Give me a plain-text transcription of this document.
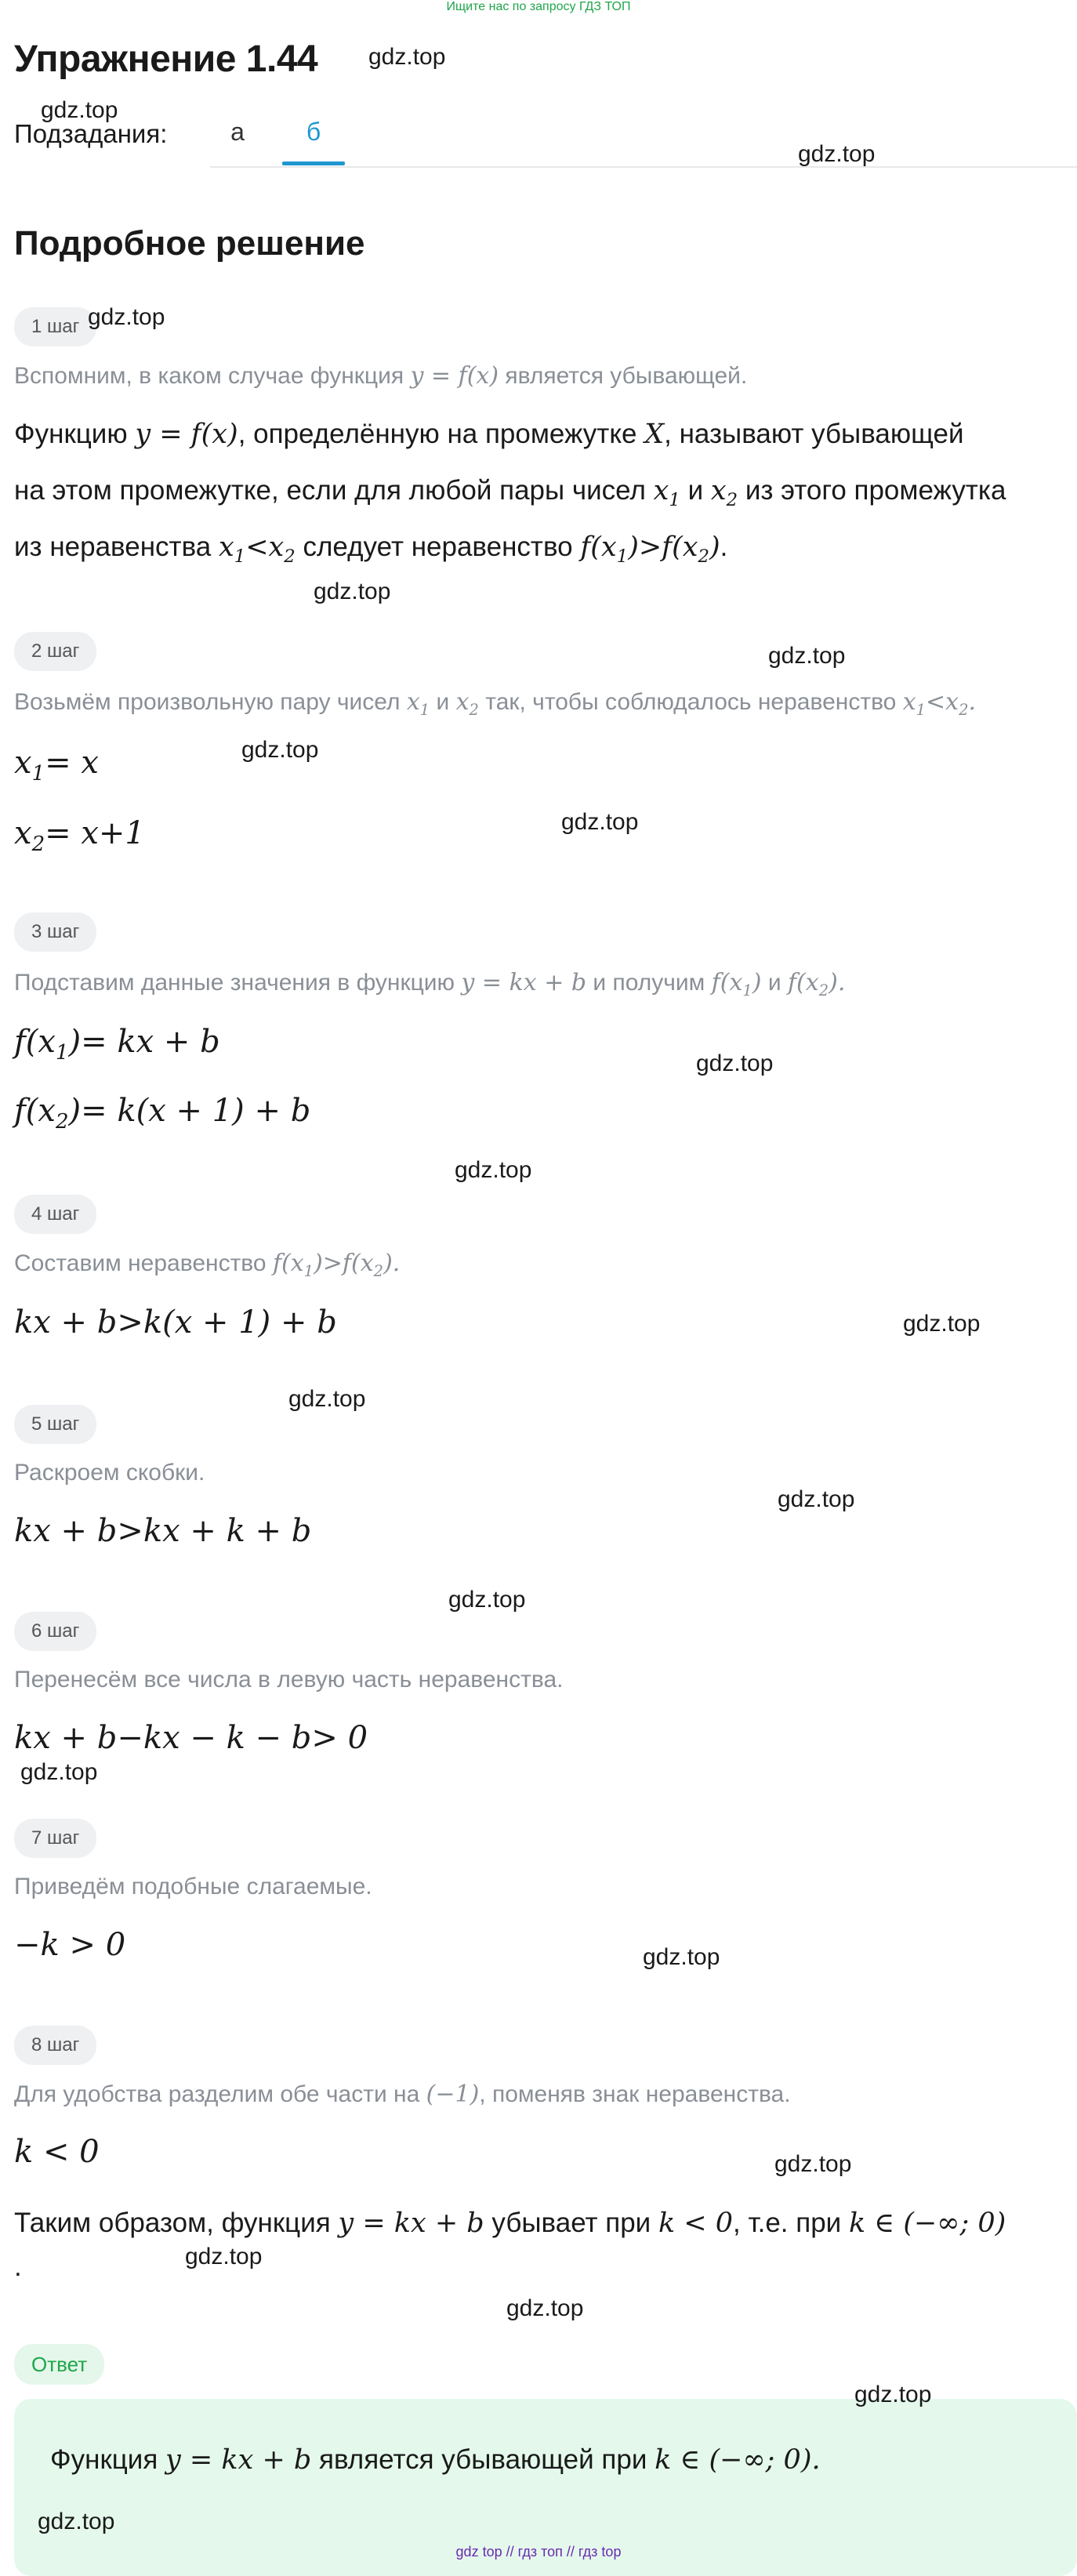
Ищите нас по запросу ГДЗ ТОП
Упражнение 1.44 gdz.top
gdz.top
Подзадания:	а	б
gdz.top
Подробное решение
1 шаг gdz.top
Вспомним, в каком случае функция y = f(x) является убывающей.
Функцию y = f(x), определённую на промежутке X, называют убывающей
на этом промежутке, если для любой пары чисел $x_1$ и $x_2$ из этого промежутка
из неравенства $x_1<x_2$ следует неравенство $f(x_1)>f(x_2)$.
gdz.top
2 шаг	gdz.top
Возьмём произвольную пару чисел $x_1$ и $x_2$ так, чтобы соблюдалось неравенство $x_1<x_2$.
$x_1= x$	gdz.top
gdz.top
$x_2= x+1$
3 шаг
Подставим данные значения в функцию y = kx + b и получим $f(x_1)$ и $f(x_2)$.
$f(x_1)=$ kx + b
gdz.top
$f(x_2)= k(x + 1) + b$
gdz.top
4 шаг
Составим неравенство $f(x_1)>f(x_2)$.
kx + b>k(x + 1) + b	gdz.top
gdz.top
5 шаг
Раскроем скобки.
gdz.top
kx + b>kx + k + b
gdz.top
6 шаг
Перенесём все числа в левую часть неравенства.
kx + b−kx − k − b> 0
gdz.top
7 шаг
Приведём подобные слагаемые.
−k > 0	gdz.top
8 шаг
Для удобства разделим обе части на (−1), поменяв знак неравенства.
k < 0	gdz.top
Таким образом, функция y = kx + b убывает при k < 0, т.е. при k ∈ (−∞; 0)
.	gdz.top
gdz.top
Ответ
gdz.top
Функция y = kx + b является убывающей при k ∈ (−∞; 0).
gdz.top
gdz top // гдз топ // гдз top
